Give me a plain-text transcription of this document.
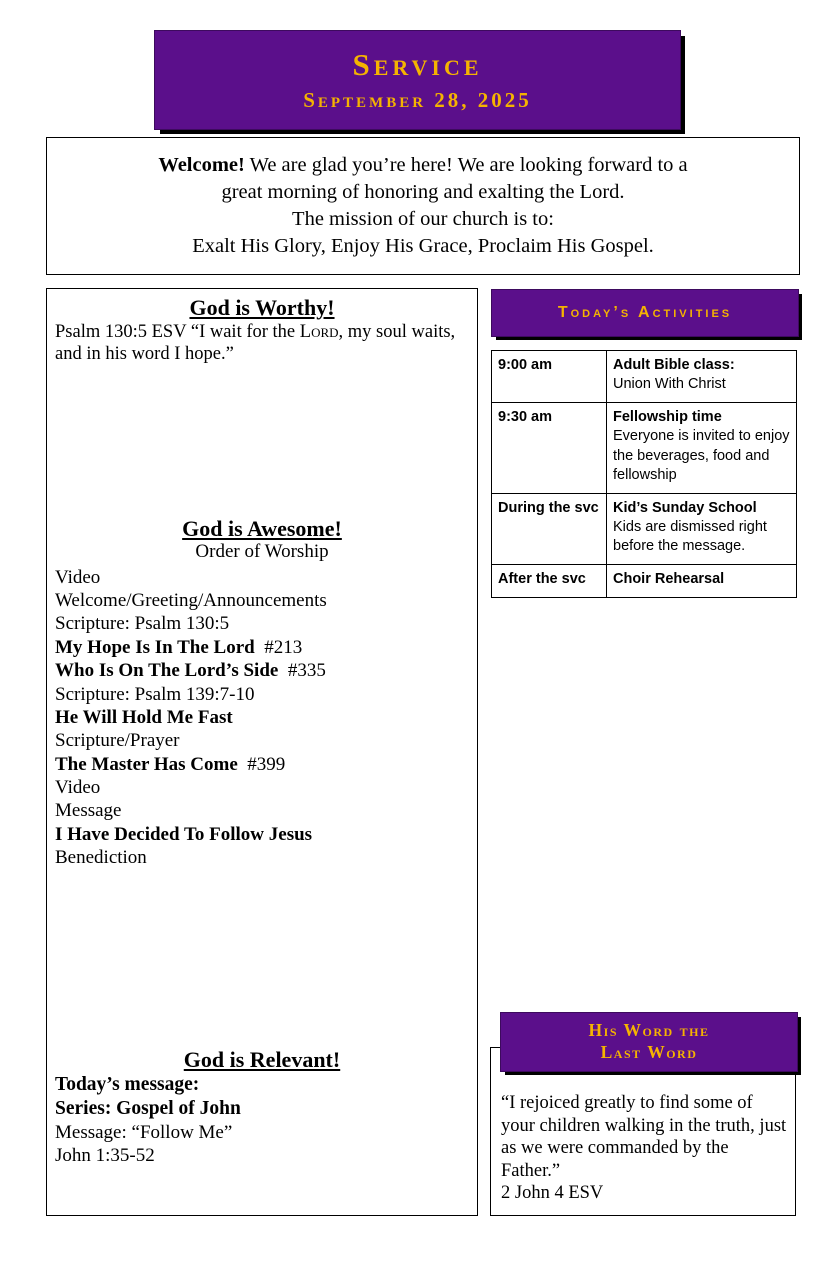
Service
September 28, 2025
Welcome! We are glad you’re here! We are looking forward to a
great morning of honoring and exalting the Lord.
The mission of our church is to:
Exalt His Glory, Enjoy His Grace, Proclaim His Gospel.
God is Worthy!
Psalm 130:5 ESV “I wait for the Lord, my soul waits, and in his word I hope.”
God is Awesome!
Order of Worship
Video
Welcome/Greeting/Announcements
Scripture: Psalm 130:5
My Hope Is In The Lord #213
Who Is On The Lord’s Side #335
Scripture: Psalm 139:7-10
He Will Hold Me Fast
Scripture/Prayer
The Master Has Come #399
Video
Message
I Have Decided To Follow Jesus
Benediction
God is Relevant!
Today’s message:
Series: Gospel of John
Message: “Follow Me”
John 1:35-52
Today’s Activities
9:00 am	Adult Bible class:
Union With Christ

9:30 am	Fellowship time
Everyone is invited to enjoy the beverages, food and fellowship

During the svc	Kid’s Sunday School
Kids are dismissed right before the message.

After the svc	Choir Rehearsal
“I rejoiced greatly to find some of your children walking in the truth, just as we were commanded by the Father.”
2 John 4 ESV
His Word the
Last Word
